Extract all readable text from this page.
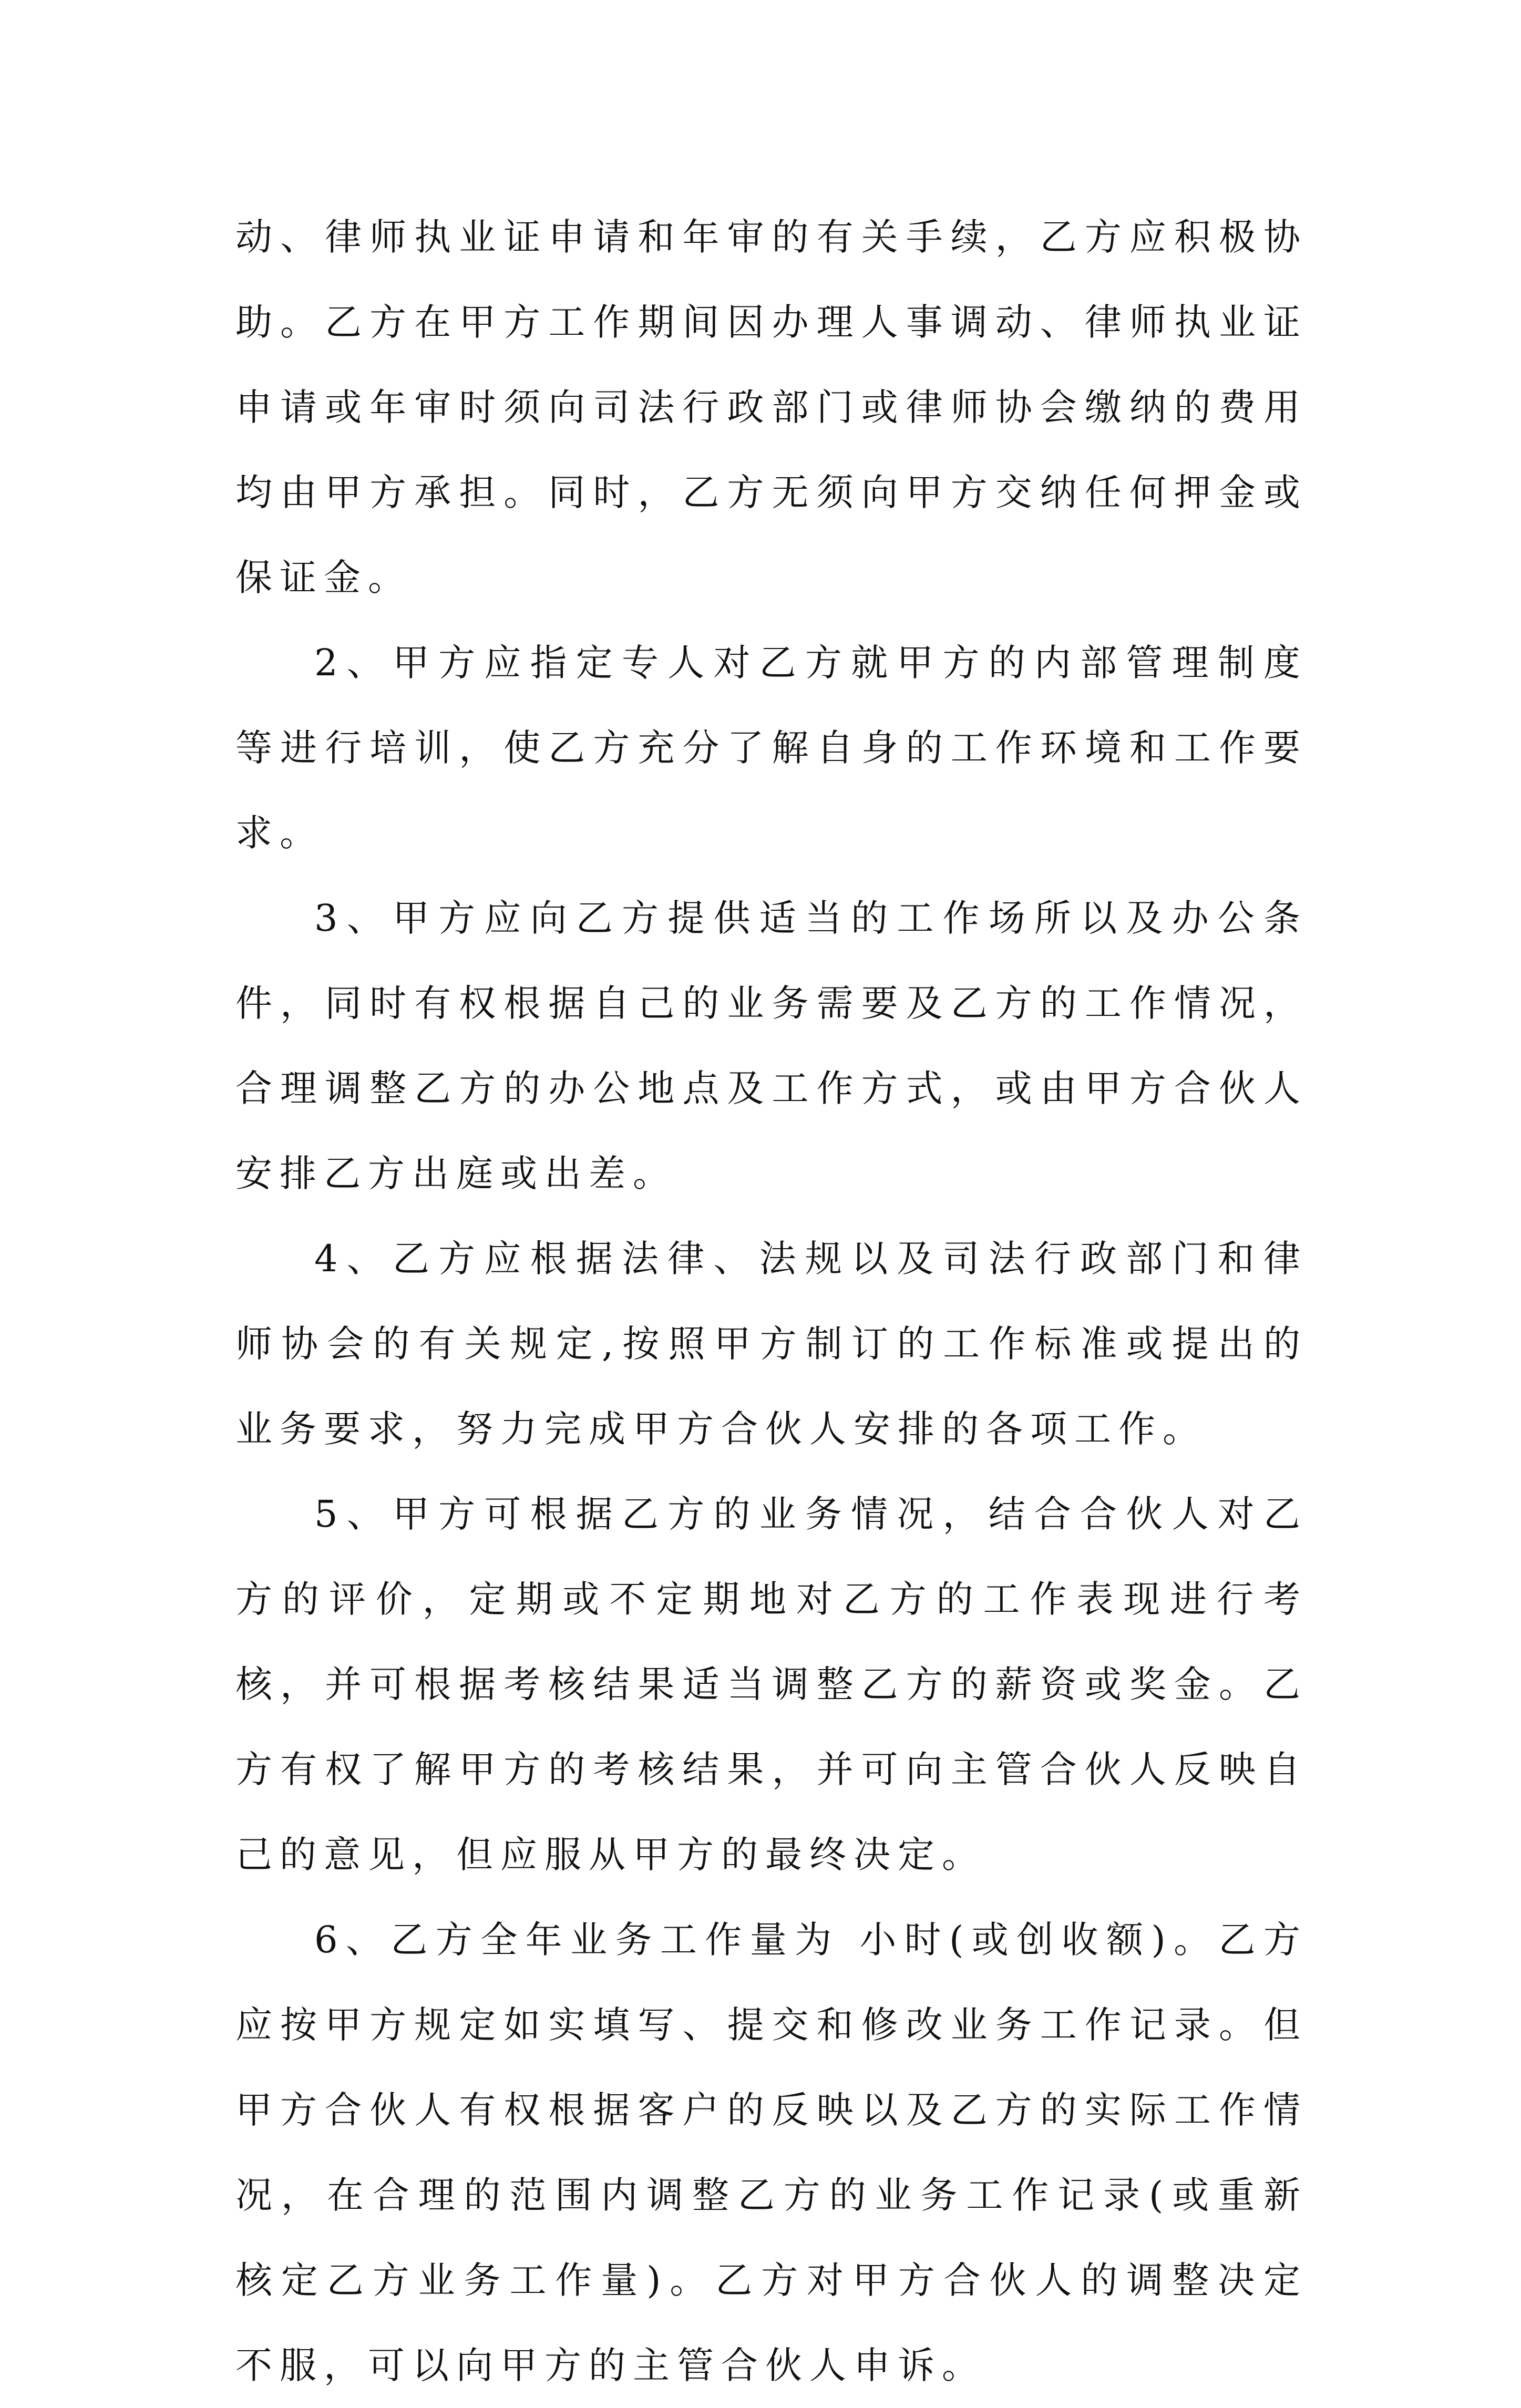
动、律师执业证申请和年审的有关手续，乙方应积极协助。乙方在甲方工作期间因办理人事调动、律师执业证申请或年审时须向司法行政部门或律师协会缴纳的费用均由甲方承担。同时，乙方无须向甲方交纳任何押金或保证金。

2、甲方应指定专人对乙方就甲方的内部管理制度等进行培训，使乙方充分了解自身的工作环境和工作要求。

3、甲方应向乙方提供适当的工作场所以及办公条件，同时有权根据自己的业务需要及乙方的工作情况，合理调整乙方的办公地点及工作方式，或由甲方合伙人安排乙方出庭或出差。

4、乙方应根据法律、法规以及司法行政部门和律师协会的有关规定,按照甲方制订的工作标准或提出的业务要求，努力完成甲方合伙人安排的各项工作。

5、甲方可根据乙方的业务情况，结合合伙人对乙方的评价，定期或不定期地对乙方的工作表现进行考核，并可根据考核结果适当调整乙方的薪资或奖金。乙方有权了解甲方的考核结果，并可向主管合伙人反映自己的意见，但应服从甲方的最终决定。

6、乙方全年业务工作量为 小时(或创收额)。乙方应按甲方规定如实填写、提交和修改业务工作记录。但甲方合伙人有权根据客户的反映以及乙方的实际工作情况，在合理的范围内调整乙方的业务工作记录(或重新核定乙方业务工作量)。乙方对甲方合伙人的调整决定不服，可以向甲方的主管合伙人申诉。
